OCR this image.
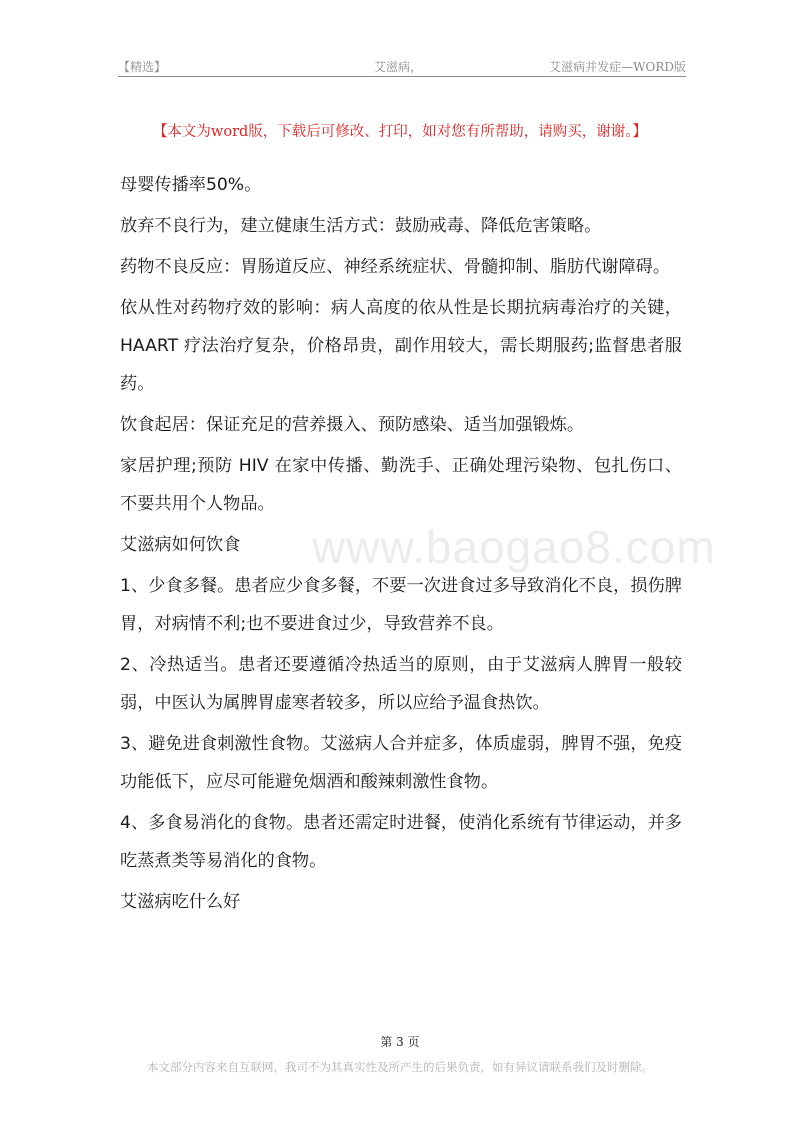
【精选】	艾滋病，	艾滋病并发症—WORD版
【本文为word版，下载后可修改、打印，如对您有所帮助，请购买，谢谢。】

母婴传播率50%。

放弃不良行为，建立健康生活方式：鼓励戒毒、降低危害策略。

药物不良反应：胃肠道反应、神经系统症状、骨髓抑制、脂肪代谢障碍。

依从性对药物疗效的影响：病人高度的依从性是长期抗病毒治疗的关键， HAART 疗法治疗复杂，价格昂贵，副作用较大，需长期服药;监督患者服药。

饮食起居：保证充足的营养摄入、预防感染、适当加强锻炼。

家居护理;预防 HIV 在家中传播、勤洗手、正确处理污染物、包扎伤口、不要共用个人物品。

艾滋病如何饮食

1、少食多餐。患者应少食多餐，不要一次进食过多导致消化不良，损伤脾胃，对病情不利;也不要进食过少，导致营养不良。

2、冷热适当。患者还要遵循冷热适当的原则，由于艾滋病人脾胃一般较弱，中医认为属脾胃虚寒者较多，所以应给予温食热饮。

3、避免进食刺激性食物。艾滋病人合并症多，体质虚弱，脾胃不强，免疫功能低下，应尽可能避免烟酒和酸辣刺激性食物。

4、多食易消化的食物。患者还需定时进餐，使消化系统有节律运动，并多吃蒸煮类等易消化的食物。

艾滋病吃什么好

www.baogao8.com
第 3 页
本文部分内容来自互联网，我司不为其真实性及所产生的后果负责，如有异议请联系我们及时删除。
